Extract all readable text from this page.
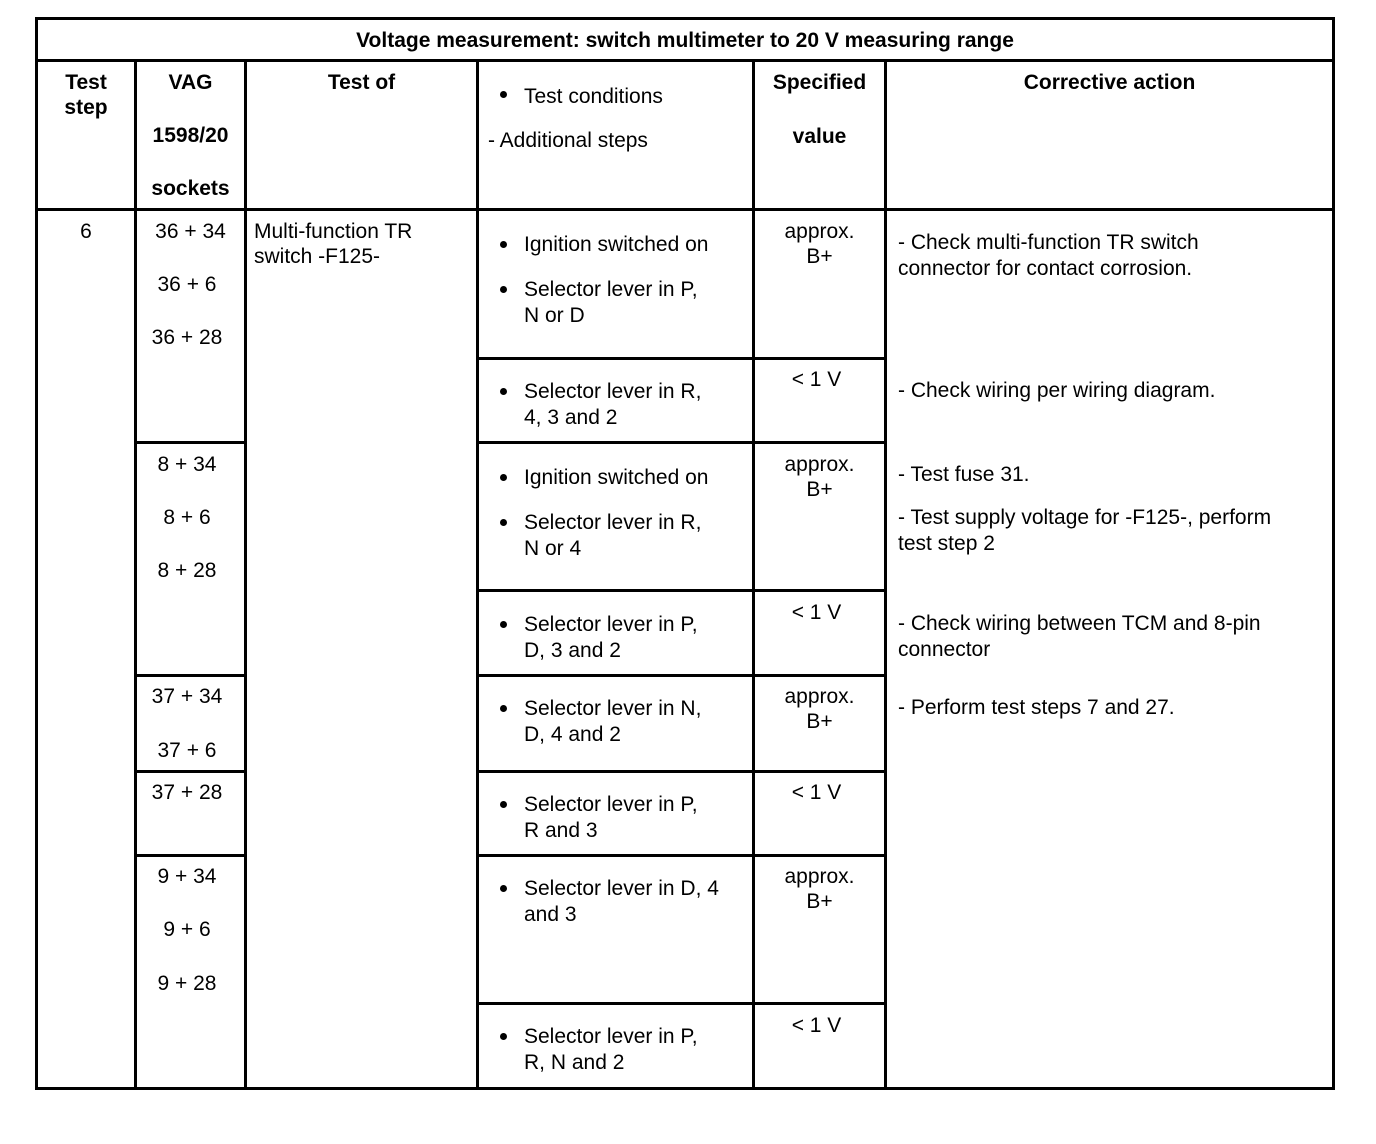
Voltage measurement: switch multimeter to 20 V measuring range
Test
step
VAG
1598/20
sockets
Test of
Test conditions
- Additional steps
Specified
value
Corrective action
6	Multi-function TR
switch -F125-
36 + 34
36 + 6
36 + 28
8 + 34
8 + 6
8 + 28
37 + 34
37 + 6
37 + 28
9 + 34
9 + 6
9 + 28
Ignition switched on
Selector lever in P,
N or D
Selector lever in R,
4, 3 and 2
Ignition switched on
Selector lever in R,
N or 4
Selector lever in P,
D, 3 and 2
Selector lever in N,
D, 4 and 2
Selector lever in P,
R and 3
Selector lever in D, 4
and 3
Selector lever in P,
R, N and 2
approx.
B+
< 1 V
approx.
B+
< 1 V
approx.
B+
< 1 V
approx.
B+
< 1 V
- Check multi-function TR switch
connector for contact corrosion.
- Check wiring per wiring diagram.
- Test fuse 31.
- Test supply voltage for -F125-, perform
test step 2
- Check wiring between TCM and 8-pin
connector
- Perform test steps 7 and 27.
